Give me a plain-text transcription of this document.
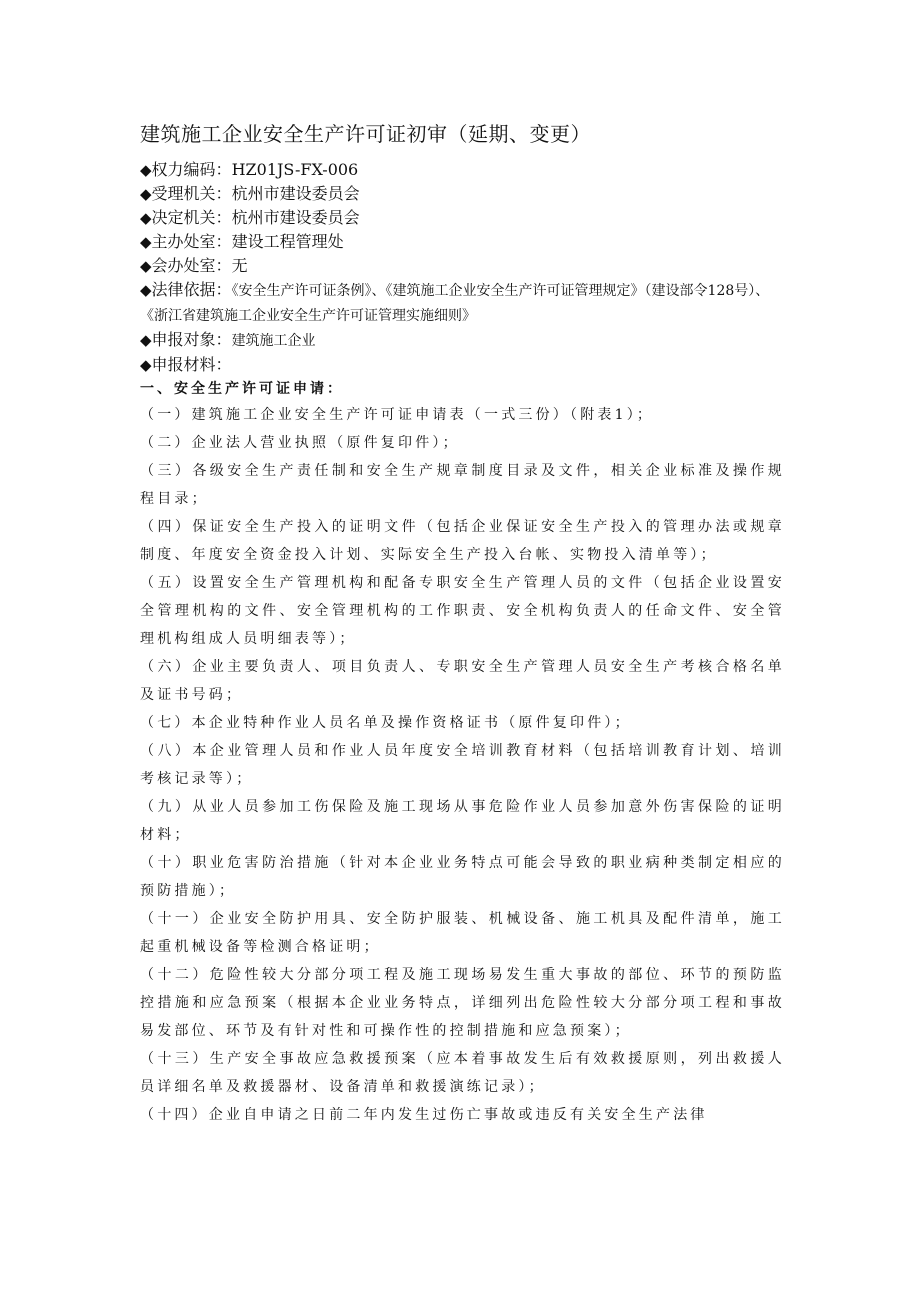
建筑施工企业安全生产许可证初审（延期、变更）
◆权力编码：HZ01JS-FX-006
◆受理机关：杭州市建设委员会
◆决定机关：杭州市建设委员会
◆主办处室：建设工程管理处
◆会办处室：无
◆法律依据：《安全生产许可证条例》、《建筑施工企业安全生产许可证管理规定》（建设部令128号）、《浙江省建筑施工企业安全生产许可证管理实施细则》
◆申报对象：建筑施工企业
◆申报材料：
一、安全生产许可证申请：
（一）建筑施工企业安全生产许可证申请表（一式三份）（附表1）；
（二）企业法人营业执照（原件复印件）；
（三）各级安全生产责任制和安全生产规章制度目录及文件，相关企业标准及操作规程目录；
（四）保证安全生产投入的证明文件（包括企业保证安全生产投入的管理办法或规章制度、年度安全资金投入计划、实际安全生产投入台帐、实物投入清单等）；
（五）设置安全生产管理机构和配备专职安全生产管理人员的文件（包括企业设置安全管理机构的文件、安全管理机构的工作职责、安全机构负责人的任命文件、安全管理机构组成人员明细表等）；
（六）企业主要负责人、项目负责人、专职安全生产管理人员安全生产考核合格名单及证书号码；
（七）本企业特种作业人员名单及操作资格证书（原件复印件）；
（八）本企业管理人员和作业人员年度安全培训教育材料（包括培训教育计划、培训考核记录等）；
（九）从业人员参加工伤保险及施工现场从事危险作业人员参加意外伤害保险的证明材料；
（十）职业危害防治措施（针对本企业业务特点可能会导致的职业病种类制定相应的预防措施）；
（十一）企业安全防护用具、安全防护服装、机械设备、施工机具及配件清单，施工起重机械设备等检测合格证明；
（十二）危险性较大分部分项工程及施工现场易发生重大事故的部位、环节的预防监控措施和应急预案（根据本企业业务特点，详细列出危险性较大分部分项工程和事故易发部位、环节及有针对性和可操作性的控制措施和应急预案）；
（十三）生产安全事故应急救援预案（应本着事故发生后有效救援原则，列出救援人员详细名单及救援器材、设备清单和救援演练记录）；
（十四）企业自申请之日前二年内发生过伤亡事故或违反有关安全生产法律
